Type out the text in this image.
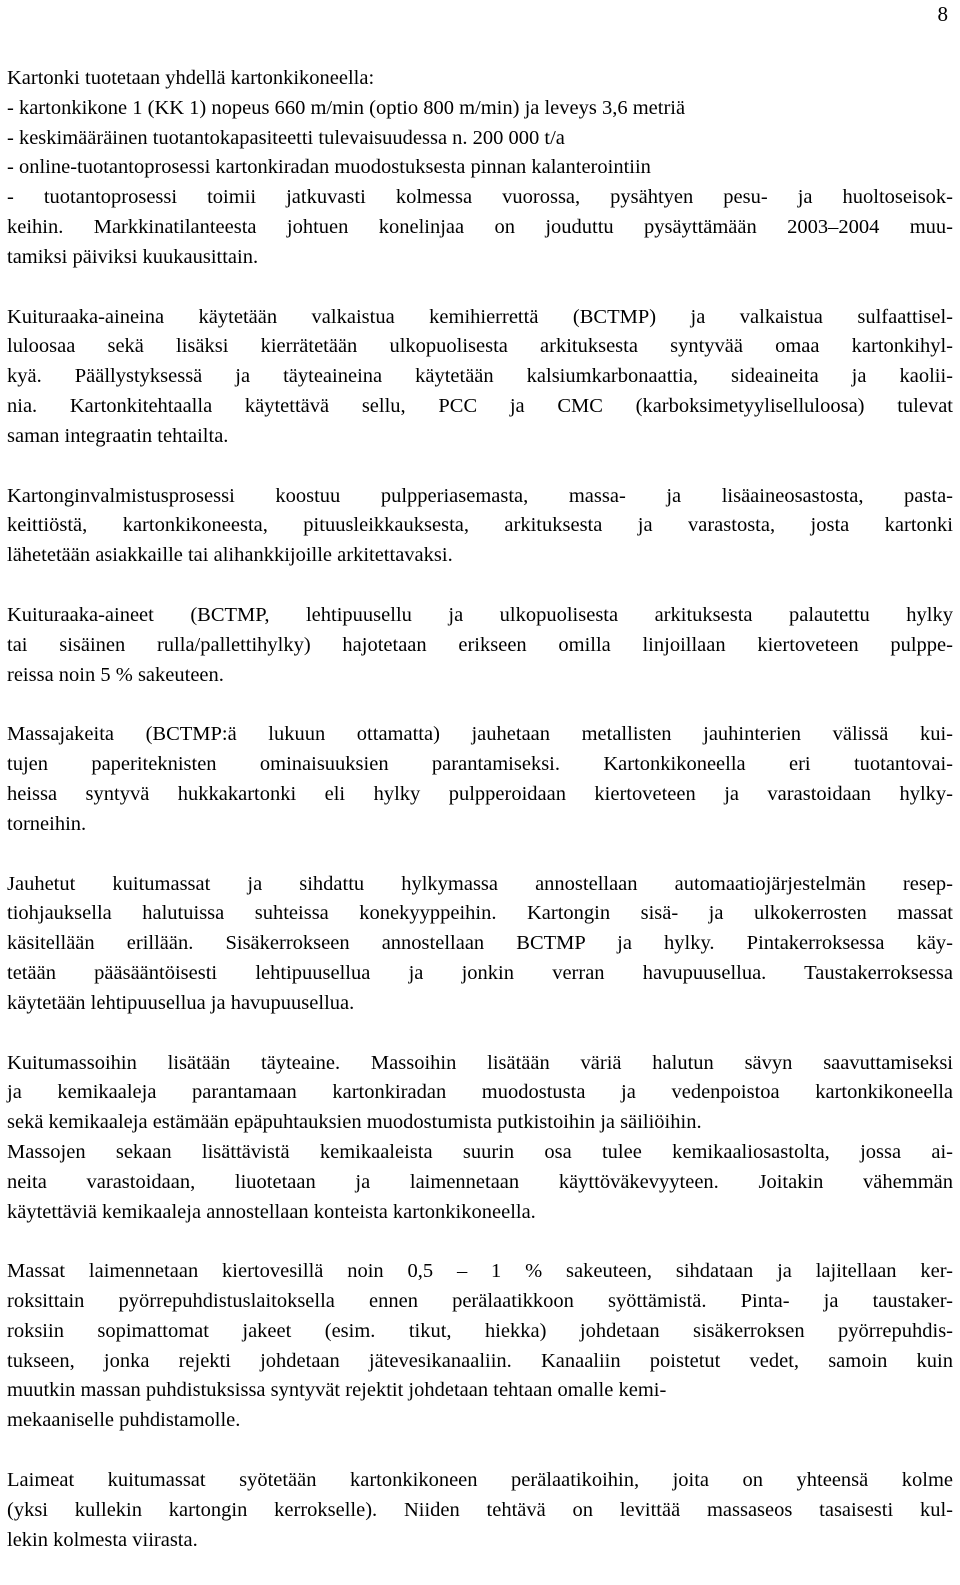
8
Kartonki tuotetaan yhdellä kartonkikoneella:
- kartonkikone 1 (KK 1) nopeus 660 m/min (optio 800 m/min) ja leveys 3,6 metriä
- keskimääräinen tuotantokapasiteetti tulevaisuudessa n. 200 000 t/a
- online-tuotantoprosessi kartonkiradan muodostuksesta pinnan kalanterointiin
- tuotantoprosessi toimii jatkuvasti kolmessa vuorossa, pysähtyen pesu- ja huoltoseisok-
keihin. Markkinatilanteesta johtuen konelinjaa on jouduttu pysäyttämään 2003–2004 muu-
tamiksi päiviksi kuukausittain.
Kuituraaka-aineina käytetään valkaistua kemihierrettä (BCTMP) ja valkaistua sulfaattisel-
luloosaa sekä lisäksi kierrätetään ulkopuolisesta arkituksesta syntyvää omaa kartonkihyl-
kyä. Päällystyksessä ja täyteaineina käytetään kalsiumkarbonaattia, sideaineita ja kaolii-
nia. Kartonkitehtaalla käytettävä sellu, PCC ja CMC (karboksimetyyliselluloosa) tulevat
saman integraatin tehtailta.
Kartonginvalmistusprosessi koostuu pulpperiasemasta, massa- ja lisäaineosastosta, pasta-
keittiöstä, kartonkikoneesta, pituusleikkauksesta, arkituksesta ja varastosta, josta kartonki
lähetetään asiakkaille tai alihankkijoille arkitettavaksi.
Kuituraaka-aineet (BCTMP, lehtipuusellu ja ulkopuolisesta arkituksesta palautettu hylky
tai sisäinen rulla/pallettihylky) hajotetaan erikseen omilla linjoillaan kiertoveteen pulppe-
reissa noin 5 % sakeuteen.
Massajakeita (BCTMP:ä lukuun ottamatta) jauhetaan metallisten jauhinterien välissä kui-
tujen paperiteknisten ominaisuuksien parantamiseksi. Kartonkikoneella eri tuotantovai-
heissa syntyvä hukkakartonki eli hylky pulpperoidaan kiertoveteen ja varastoidaan hylky-
torneihin.
Jauhetut kuitumassat ja sihdattu hylkymassa annostellaan automaatiojärjestelmän resep-
tiohjauksella halutuissa suhteissa konekyyppeihin. Kartongin sisä- ja ulkokerrosten massat
käsitellään erillään. Sisäkerrokseen annostellaan BCTMP ja hylky. Pintakerroksessa käy-
tetään pääsääntöisesti lehtipuusellua ja jonkin verran havupuusellua. Taustakerroksessa
käytetään lehtipuusellua ja havupuusellua.
Kuitumassoihin lisätään täyteaine. Massoihin lisätään väriä halutun sävyn saavuttamiseksi
ja kemikaaleja parantamaan kartonkiradan muodostusta ja vedenpoistoa kartonkikoneella
sekä kemikaaleja estämään epäpuhtauksien muodostumista putkistoihin ja säiliöihin.
Massojen sekaan lisättävistä kemikaaleista suurin osa tulee kemikaaliosastolta, jossa ai-
neita varastoidaan, liuotetaan ja laimennetaan käyttöväkevyyteen. Joitakin vähemmän
käytettäviä kemikaaleja annostellaan konteista kartonkikoneella.
Massat laimennetaan kiertovesillä noin 0,5 – 1 % sakeuteen, sihdataan ja lajitellaan ker-
roksittain pyörrepuhdistuslaitoksella ennen perälaatikkoon syöttämistä. Pinta- ja taustaker-
roksiin sopimattomat jakeet (esim. tikut, hiekka) johdetaan sisäkerroksen pyörrepuhdis-
tukseen, jonka rejekti johdetaan jätevesikanaaliin. Kanaaliin poistetut vedet, samoin kuin
muutkin massan puhdistuksissa syntyvät rejektit johdetaan tehtaan omalle kemi-
mekaaniselle puhdistamolle.
Laimeat kuitumassat syötetään kartonkikoneen perälaatikoihin, joita on yhteensä kolme
(yksi kullekin kartongin kerrokselle). Niiden tehtävä on levittää massaseos tasaisesti kul-
lekin kolmesta viirasta.
